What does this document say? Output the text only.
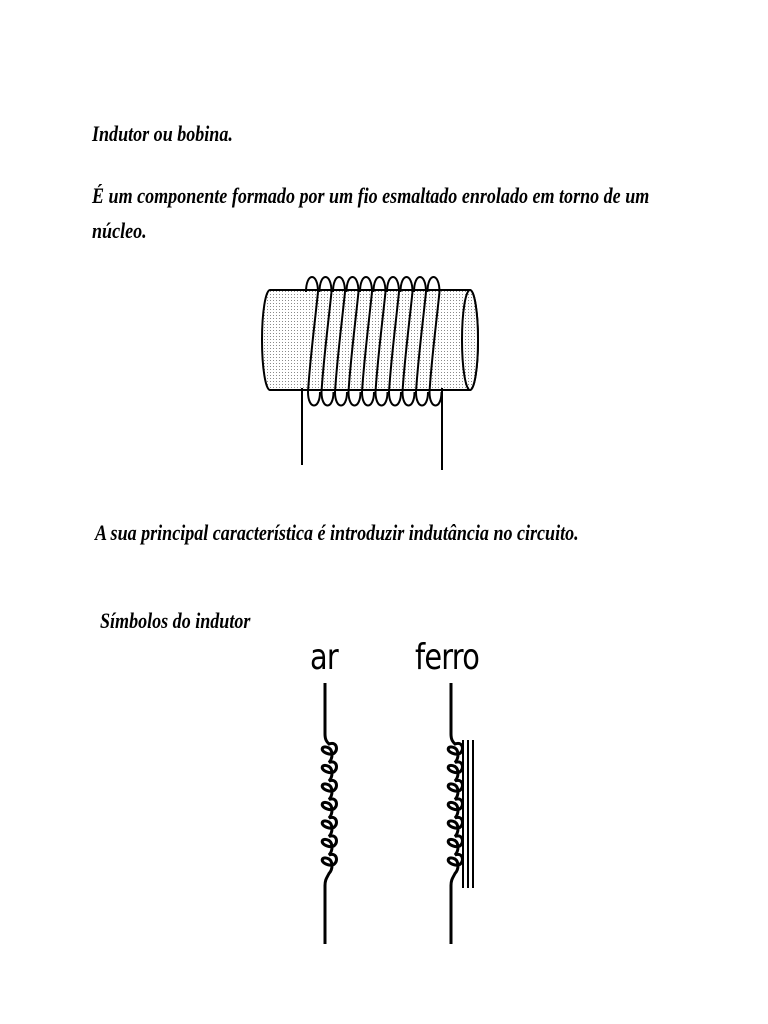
Indutor ou bobina.
É um componente formado por um fio esmaltado enrolado em torno de um
núcleo.
A sua principal característica é introduzir indutância no circuito.
Símbolos do indutor
ar ferro
